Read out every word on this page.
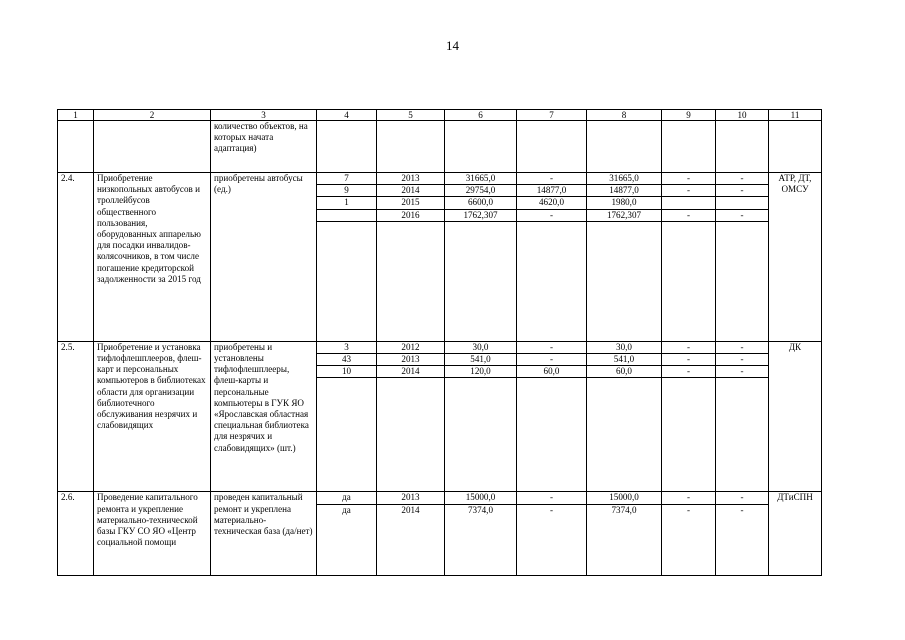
14
1	2	3	4	5	6	7	8	9	10	11
		количество объектов, на которых начата адаптация)								
2.4.	Приобретение низкопольных автобусов и троллейбусов общественного пользования, оборудованных аппарелью для посадки инвалидов-колясочников, в том числе погашение кредиторской задолженности за 2015 год	приобретены автобусы (ед.)	7	2013	31665,0	-	31665,0	-	-	АТР, ДТ, ОМСУ
			9	2014	29754,0	14877,0	14877,0	-	-	
			1	2015	6600,0	4620,0	1980,0			
				2016	1762,307	-	1762,307	-	-	

2.5.	Приобретение и установка тифлофлешплееров, флеш-карт и персональных компьютеров в библиотеках области для организации библиотечного обслуживания незрячих и слабовидящих	приобретены и установлены тифлофлешплееры, флеш-карты и персональные компьютеры в ГУК ЯО «Ярославская областная специальная библиотека для незрячих и слабовидящих» (шт.)	3	2012	30,0	-	30,0	-	-	ДК
			43	2013	541,0	-	541,0	-	-	
			10	2014	120,0	60,0	60,0	-	-	

2.6.	Проведение капитального ремонта и укрепление материально-технической базы ГКУ СО ЯО «Центр социальной помощи	проведен капитальный ремонт и укреплена материально-техническая база (да/нет)	да	2013	15000,0	-	15000,0	-	-	ДТиСПН
			да	2014	7374,0	-	7374,0	-	-	
